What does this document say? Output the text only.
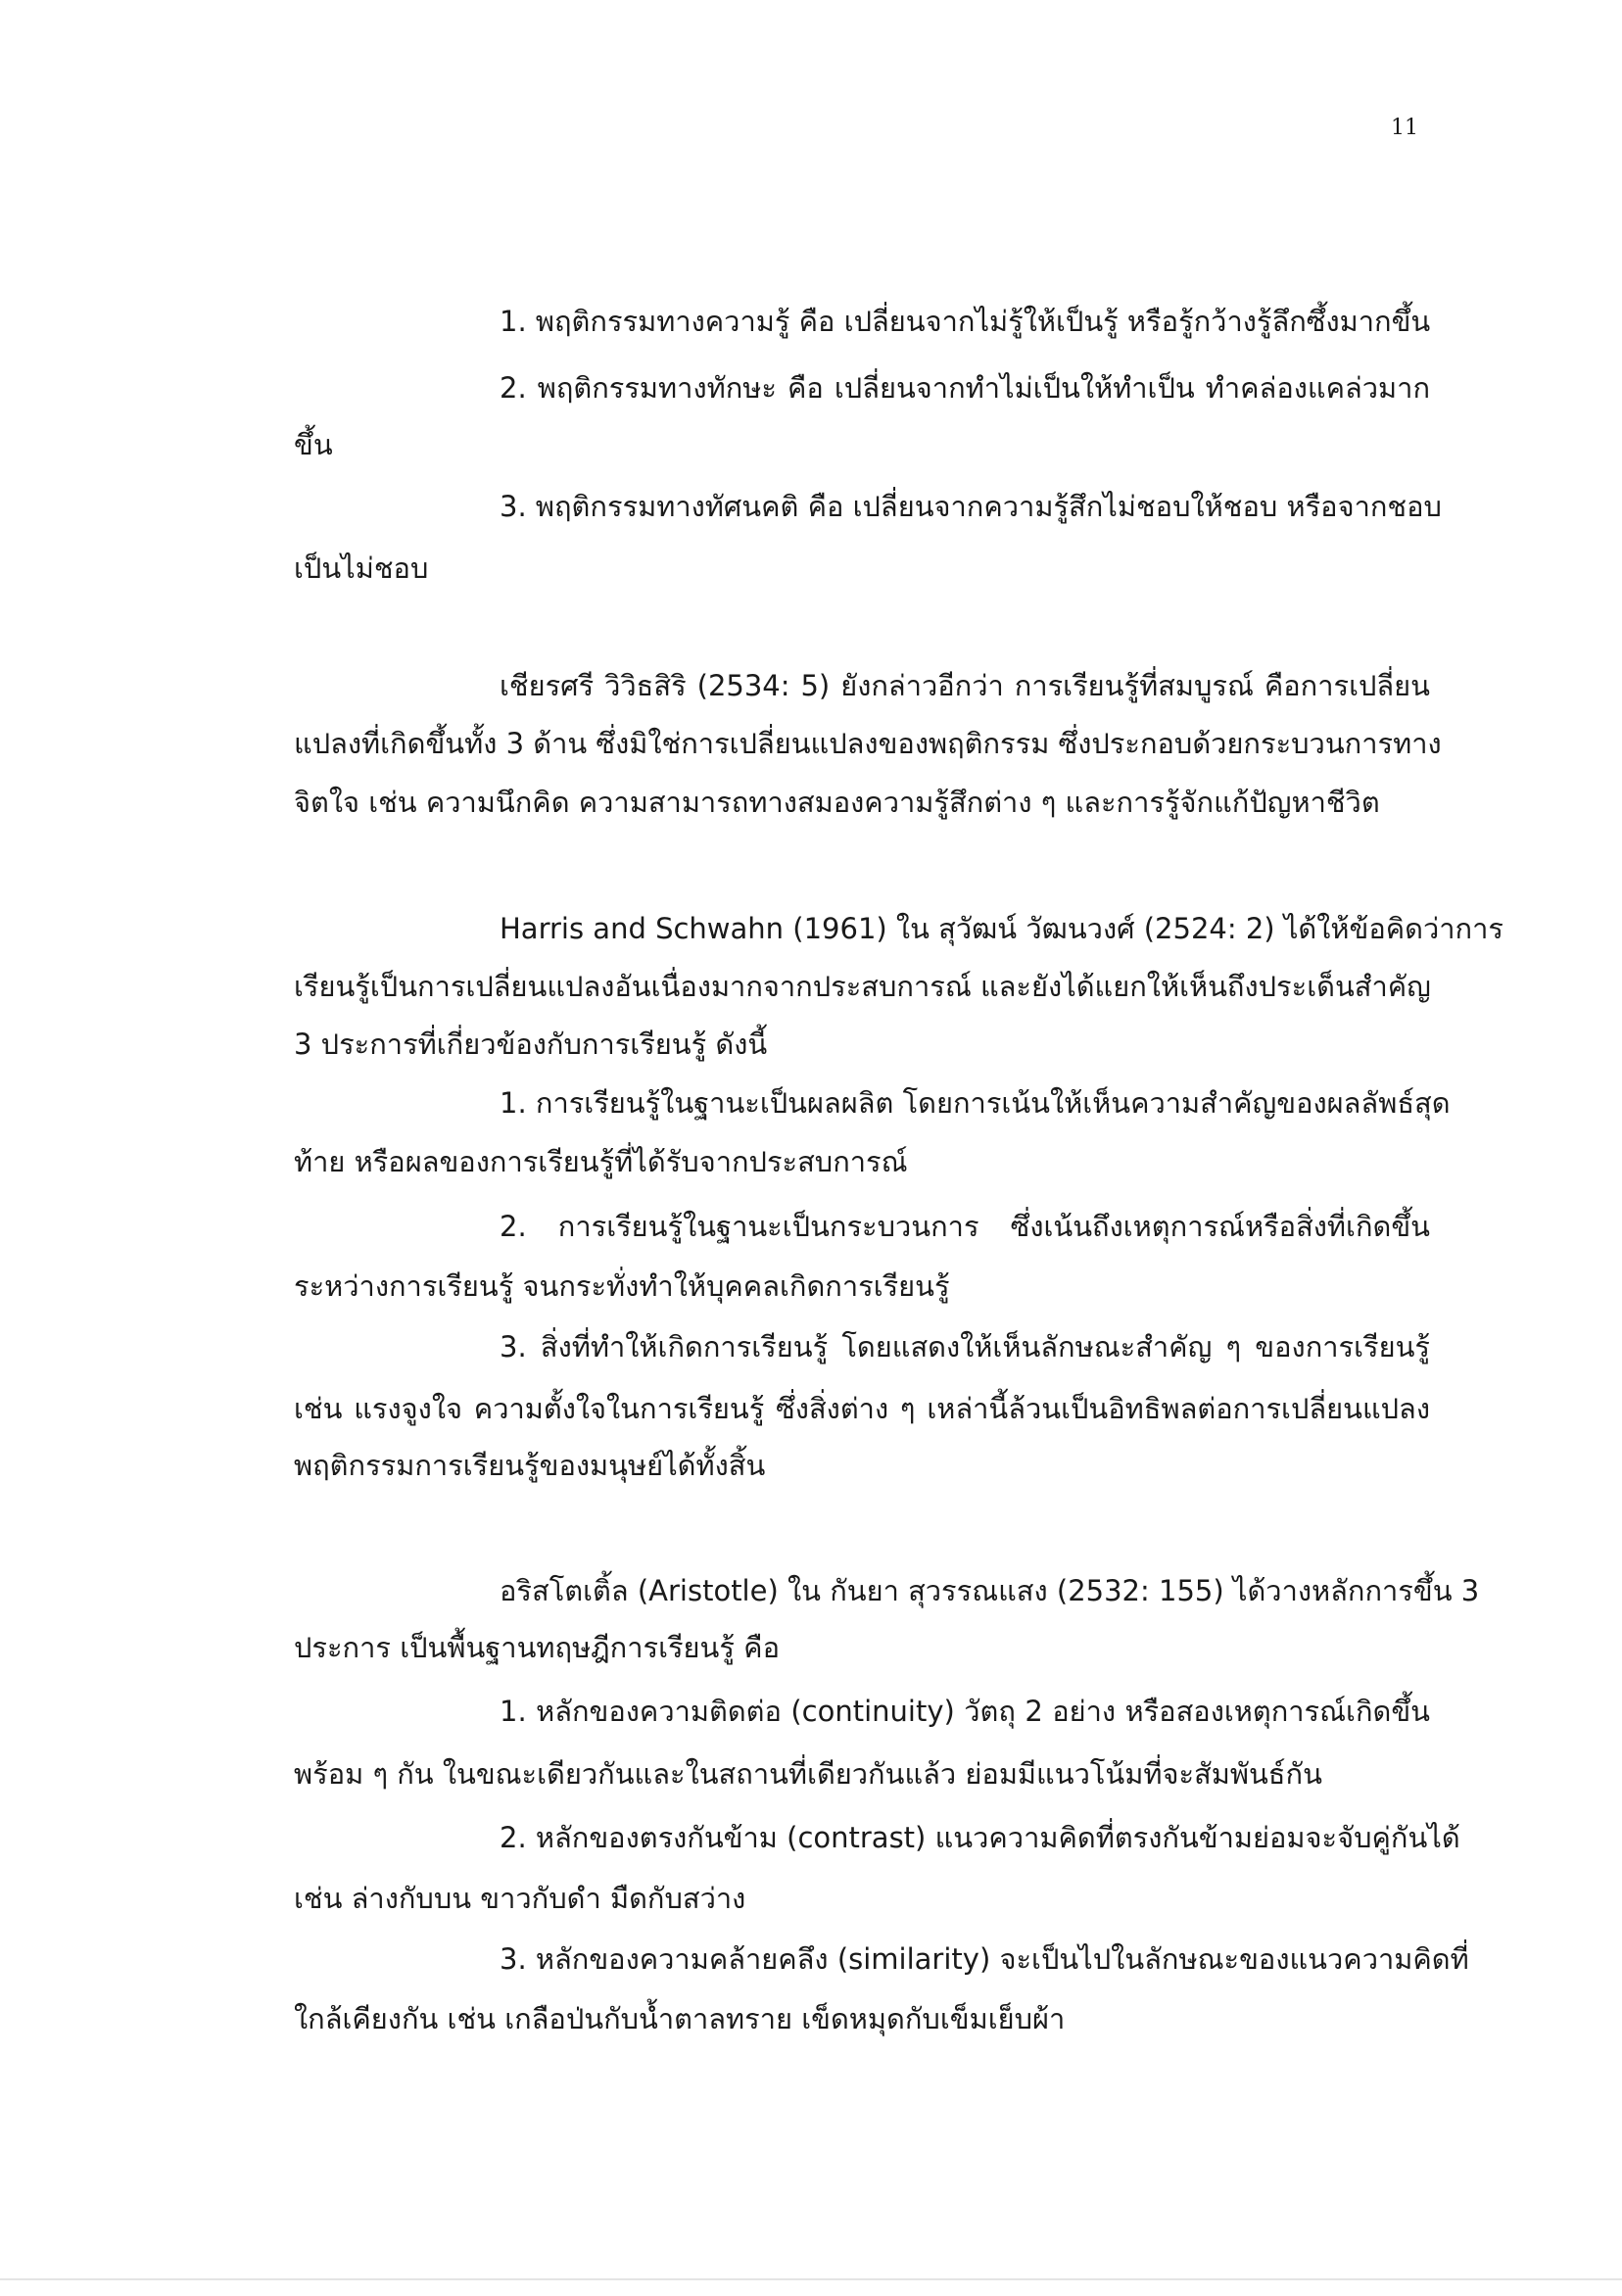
11
1. พฤติกรรมทางความรู้ คือ เปลี่ยนจากไม่รู้ให้เป็นรู้ หรือรู้กว้างรู้ลึกซึ้งมากขึ้น
2. พฤติกรรมทางทักษะ คือ เปลี่ยนจากทำไม่เป็นให้ทำเป็น ทำคล่องแคล่วมาก
ขึ้น
3. พฤติกรรมทางทัศนคติ คือ เปลี่ยนจากความรู้สึกไม่ชอบให้ชอบ หรือจากชอบ
เป็นไม่ชอบ
เชียรศรี วิวิธสิริ (2534: 5) ยังกล่าวอีกว่า การเรียนรู้ที่สมบูรณ์ คือการเปลี่ยน
แปลงที่เกิดขึ้นทั้ง 3 ด้าน ซึ่งมิใช่การเปลี่ยนแปลงของพฤติกรรม ซึ่งประกอบด้วยกระบวนการทาง
จิตใจ เช่น ความนึกคิด ความสามารถทางสมองความรู้สึกต่าง ๆ และการรู้จักแก้ปัญหาชีวิต
Harris and Schwahn (1961) ใน สุวัฒน์ วัฒนวงศ์ (2524: 2) ได้ให้ข้อคิดว่าการ
เรียนรู้เป็นการเปลี่ยนแปลงอันเนื่องมากจากประสบการณ์ และยังได้แยกให้เห็นถึงประเด็นสำคัญ
3 ประการที่เกี่ยวข้องกับการเรียนรู้ ดังนี้
1. การเรียนรู้ในฐานะเป็นผลผลิต โดยการเน้นให้เห็นความสำคัญของผลลัพธ์สุด
ท้าย หรือผลของการเรียนรู้ที่ได้รับจากประสบการณ์
2. การเรียนรู้ในฐานะเป็นกระบวนการ ซึ่งเน้นถึงเหตุการณ์หรือสิ่งที่เกิดขึ้น
ระหว่างการเรียนรู้ จนกระทั่งทำให้บุคคลเกิดการเรียนรู้
3. สิ่งที่ทำให้เกิดการเรียนรู้ โดยแสดงให้เห็นลักษณะสำคัญ ๆ ของการเรียนรู้
เช่น แรงจูงใจ ความตั้งใจในการเรียนรู้ ซึ่งสิ่งต่าง ๆ เหล่านี้ล้วนเป็นอิทธิพลต่อการเปลี่ยนแปลง
พฤติกรรมการเรียนรู้ของมนุษย์ได้ทั้งสิ้น
อริสโตเติ้ล (Aristotle) ใน กันยา สุวรรณแสง (2532: 155) ได้วางหลักการขึ้น 3
ประการ เป็นพื้นฐานทฤษฎีการเรียนรู้ คือ
1. หลักของความติดต่อ (continuity) วัตถุ 2 อย่าง หรือสองเหตุการณ์เกิดขึ้น
พร้อม ๆ กัน ในขณะเดียวกันและในสถานที่เดียวกันแล้ว ย่อมมีแนวโน้มที่จะสัมพันธ์กัน
2. หลักของตรงกันข้าม (contrast) แนวความคิดที่ตรงกันข้ามย่อมจะจับคู่กันได้
เช่น ล่างกับบน ขาวกับดำ มืดกับสว่าง
3. หลักของความคล้ายคลึง (similarity) จะเป็นไปในลักษณะของแนวความคิดที่
ใกล้เคียงกัน เช่น เกลือป่นกับน้ำตาลทราย เข็ดหมุดกับเข็มเย็บผ้า
